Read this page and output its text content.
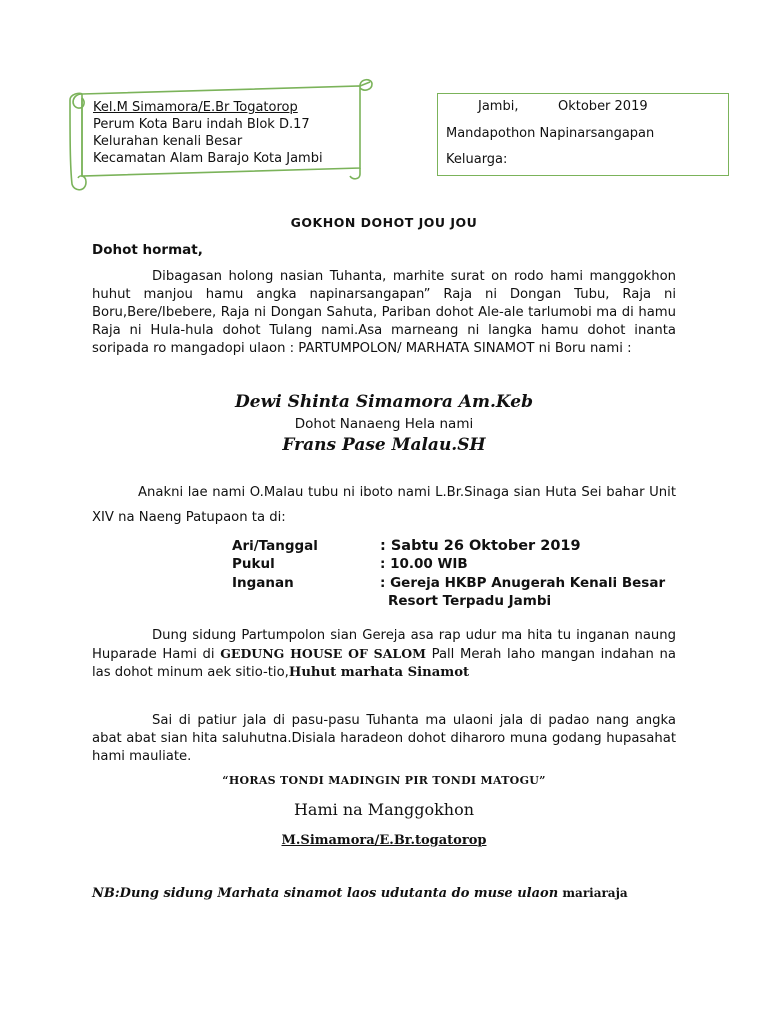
Kel.M Simamora/E.Br Togatorop
Perum Kota Baru indah Blok D.17
Kelurahan kenali Besar
Kecamatan Alam Barajo Kota Jambi
Jambi,	Oktober 2019
Mandapothon Napinarsangapan
Keluarga:
GOKHON DOHOT JOU JOU
Dohot hormat,

Dibagasan holong nasian Tuhanta, marhite surat on rodo hami manggokhon huhut manjou hamu angka napinarsangapan” Raja ni Dongan Tubu, Raja ni Boru,Bere/Ibebere, Raja ni Dongan Sahuta, Pariban dohot Ale-ale tarlumobi ma di hamu Raja ni Hula-hula dohot Tulang nami.Asa marneang ni langka hamu dohot inanta soripada ro mangadopi ulaon : PARTUMPOLON/ MARHATA SINAMOT ni Boru nami :

Dewi Shinta Simamora Am.Keb
Dohot Nanaeng Hela nami
Frans Pase Malau.SH

Anakni lae nami O.Malau tubu ni iboto nami L.Br.Sinaga sian Huta Sei bahar Unit XIV na Naeng Patupaon ta di:

Ari/Tanggal	: Sabtu 26 Oktober 2019
Pukul	: 10.00 WIB
Inganan	: Gereja HKBP Anugerah Kenali Besar
Resort Terpadu Jambi

Dung sidung Partumpolon sian Gereja asa rap udur ma hita tu inganan naung Huparade Hami di GEDUNG HOUSE OF SALOM Pall Merah laho mangan indahan na las dohot minum aek sitio-tio,Huhut marhata Sinamot

Sai di patiur jala di pasu-pasu Tuhanta ma ulaoni jala di padao nang angka abat abat sian hita saluhutna.Disiala haradeon dohot diharoro muna godang hupasahat hami mauliate.

“HORAS TONDI MADINGIN PIR TONDI MATOGU”
Hami na Manggokhon
M.Simamora/E.Br.togatorop
NB:Dung sidung Marhata sinamot laos udutanta do muse ulaon mariaraja
